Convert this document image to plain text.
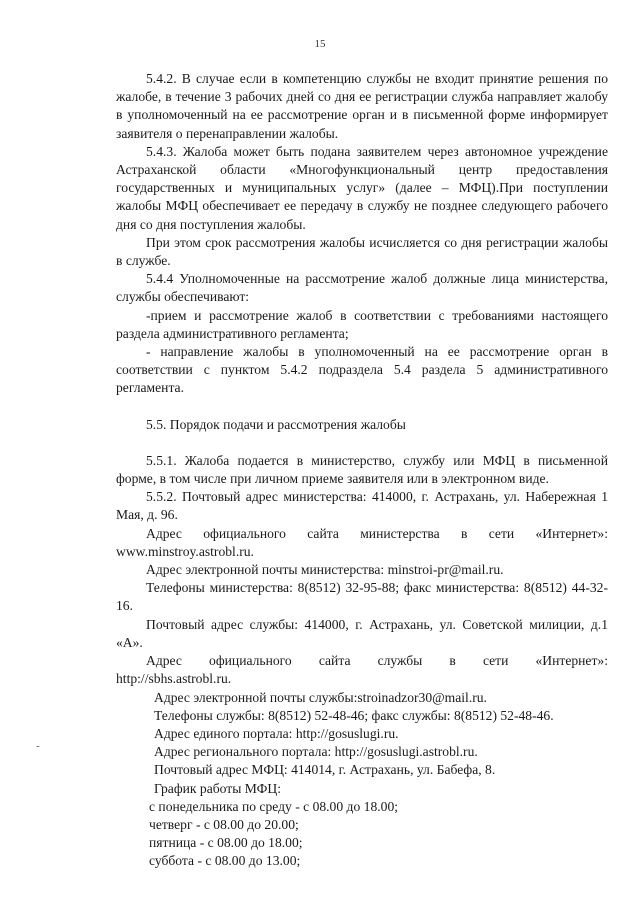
15
-

5.4.2. В случае если в компетенцию службы не входит принятие решения по жалобе, в течение 3 рабочих дней со дня ее регистрации служба направляет жалобу в уполномоченный на ее рассмотрение орган и в письменной форме информирует заявителя о перенаправлении жалобы.

5.4.3. Жалоба может быть подана заявителем через автономное учреждение Астраханской области «Многофункциональный центр предоставления государственных и муниципальных услуг» (далее – МФЦ).При поступлении жалобы МФЦ обеспечивает ее передачу в службу не позднее следующего рабочего дня со дня поступления жалобы.

При этом срок рассмотрения жалобы исчисляется со дня регистрации жалобы в службе.

5.4.4 Уполномоченные на рассмотрение жалоб должные лица министерства, службы обеспечивают:

-прием и рассмотрение жалоб в соответствии с требованиями настоящего раздела административного регламента;

- направление жалобы в уполномоченный на ее рассмотрение орган в соответствии с пунктом 5.4.2 подраздела 5.4 раздела 5 административного регламента.

5.5. Порядок подачи и рассмотрения жалобы

5.5.1. Жалоба подается в министерство, службу или МФЦ в письменной форме, в том числе при личном приеме заявителя или в электронном виде.

5.5.2. Почтовый адрес министерства: 414000, г. Астрахань, ул. Набережная 1 Мая, д. 96.

Адрес официального сайта министерства в сети «Интернет»:

www.minstroy.astrobl.ru.

Адрес электронной почты министерства: minstroi-pr@mail.ru.

Телефоны министерства: 8(8512) 32-95-88; факс министерства: 8(8512) 44-32-16.

Почтовый адрес службы: 414000, г. Астрахань, ул. Советской милиции, д.1 «А».

Адрес официального сайта службы в сети «Интернет»:

http://sbhs.astrobl.ru.

Адрес электронной почты службы:stroinadzor30@mail.ru.

Телефоны службы: 8(8512) 52-48-46; факс службы: 8(8512) 52-48-46.

Адрес единого портала: http://gosuslugi.ru.

Адрес регионального портала: http://gosuslugi.astrobl.ru.

Почтовый адрес МФЦ: 414014, г. Астрахань, ул. Бабефа, 8.

График работы МФЦ:

с понедельника по среду - с 08.00 до 18.00;

четверг - с 08.00 до 20.00;

пятница - с 08.00 до 18.00;

суббота - с 08.00 до 13.00;
